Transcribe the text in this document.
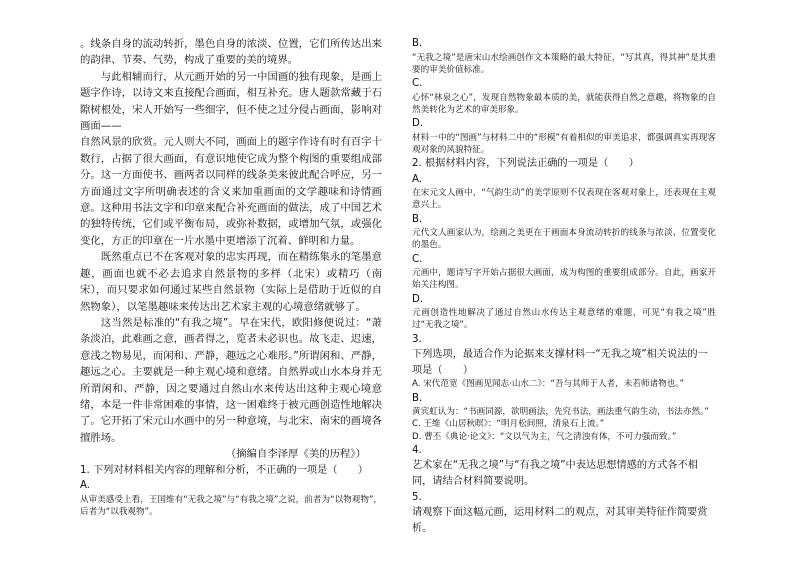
。线条自身的流动转折，墨色自身的浓淡、位置，它们所传达出来的韵律、节奏、气势，构成了重要的美的境界。

与此相辅而行，从元画开始的另一中国画的独有现象，是画上题字作诗，以诗文来直接配合画面，相互补充。唐人题款常藏于石隙树根处，宋人开始写一些细字，但不使之过分侵占画面，影响对画面——

自然风景的欣赏。元人则大不同，画面上的题字作诗有时有百字十数行，占据了很大画面，有意识地使它成为整个构图的重要组成部分。这一方面使书、画两者以同样的线条美来彼此配合呼应，另一方面通过文字所明确表述的含义来加重画面的文学趣味和诗情画意。这种用书法文字和印章来配合补充画面的做法，成了中国艺术的独特传统，它们或平衡布局，或弥补数据，或增加气氛，或强化变化，方正的印章在一片水墨中更增添了沉着、鲜明和力量。

既然重点已不在客观对象的忠实再现，而在精练集永的笔墨意趣，画面也就不必去追求自然景物的多样（北宋）或精巧（南宋），而只要求如何通过某些自然景物（实际上是借助于近似的自然物象），以笔墨趣味来传达出艺术家主观的心境意绪就够了。

这当然是标准的“有我之境”。早在宋代，欧阳修便说过：“萧条淡泊，此难画之意，画者得之，览者未必识也。故飞走、迟速，意浅之物易见，而闲和、严静，趣远之心难形。”所谓闲和、严静，趣远之心。主要就是一种主观心境和意绪。自然界或山水本身并无所谓闲和、严静，因之要通过自然山水来传达出这种主观心境意绪，本是一件非常困难的事情，这一困难终于被元画创造性地解决了。它开拓了宋元山水画中的另一种意境，与北宋、南宋的画境各擅胜场。

（摘编自李泽厚《美的历程》）

1. 下列对材料相关内容的理解和分析，不正确的一项是（　　）

A.

从审美感受上看，王国维有“无我之境”与“有我之境”之说，前者为“以物观物”，后者为“以我观物”。

B.

“无我之境”是唐宋山水绘画创作文本策略的最大特征，“写其真，得其神”是其重要的审美价值标准。

C.

心怀“林泉之心”，发现自然物象最本质的美，就能获得自然之意趣，将物象的自然美转化为艺术的审美形象。

D.

材料一中的“图画”与材料二中的“形模”有着相似的审美追求，都强调真实再现客观对象的风貌特征。

2. 根据材料内容，下列说法正确的一项是（　　）

A.

在宋元文人画中，“气韵生动”的美学原则不仅表现在客观对象上，还表现在主观意兴上。

B.

元代文人画家认为，绘画之美更在于画面本身流动转折的线条与浓淡、位置变化的墨色。

C.

元画中，题诗写字开始占据很大画面，成为构图的重要组成部分。自此，画家开始关注构图。

D.

元画创造性地解决了通过自然山水传达主观意绪的难题，可见“有我之境”胜过“无我之境”。

3.

下列选项，最适合作为论据来支撑材料一“无我之境”相关说法的一项是（　　）

A. 宋代范宽《图画见闻志·山水二》：“吾与其师于人者，未若师诸物也。”

B.

黄宾虹认为：“书画同源，欲明画法，先究书法，画法重气韵生动，书法亦然。”

C. 王维《山居秋暝》：“明月松间照，清泉石上流。”

D. 曹丕《典论·论文》：“文以气为主，气之清浊有体，不可力强而致。”

4.

艺术家在“无我之境”与“有我之境”中表达思想情感的方式各不相同，请结合材料简要说明。

5.

请观察下面这幅元画，运用材料二的观点，对其审美特征作简要赏析。
